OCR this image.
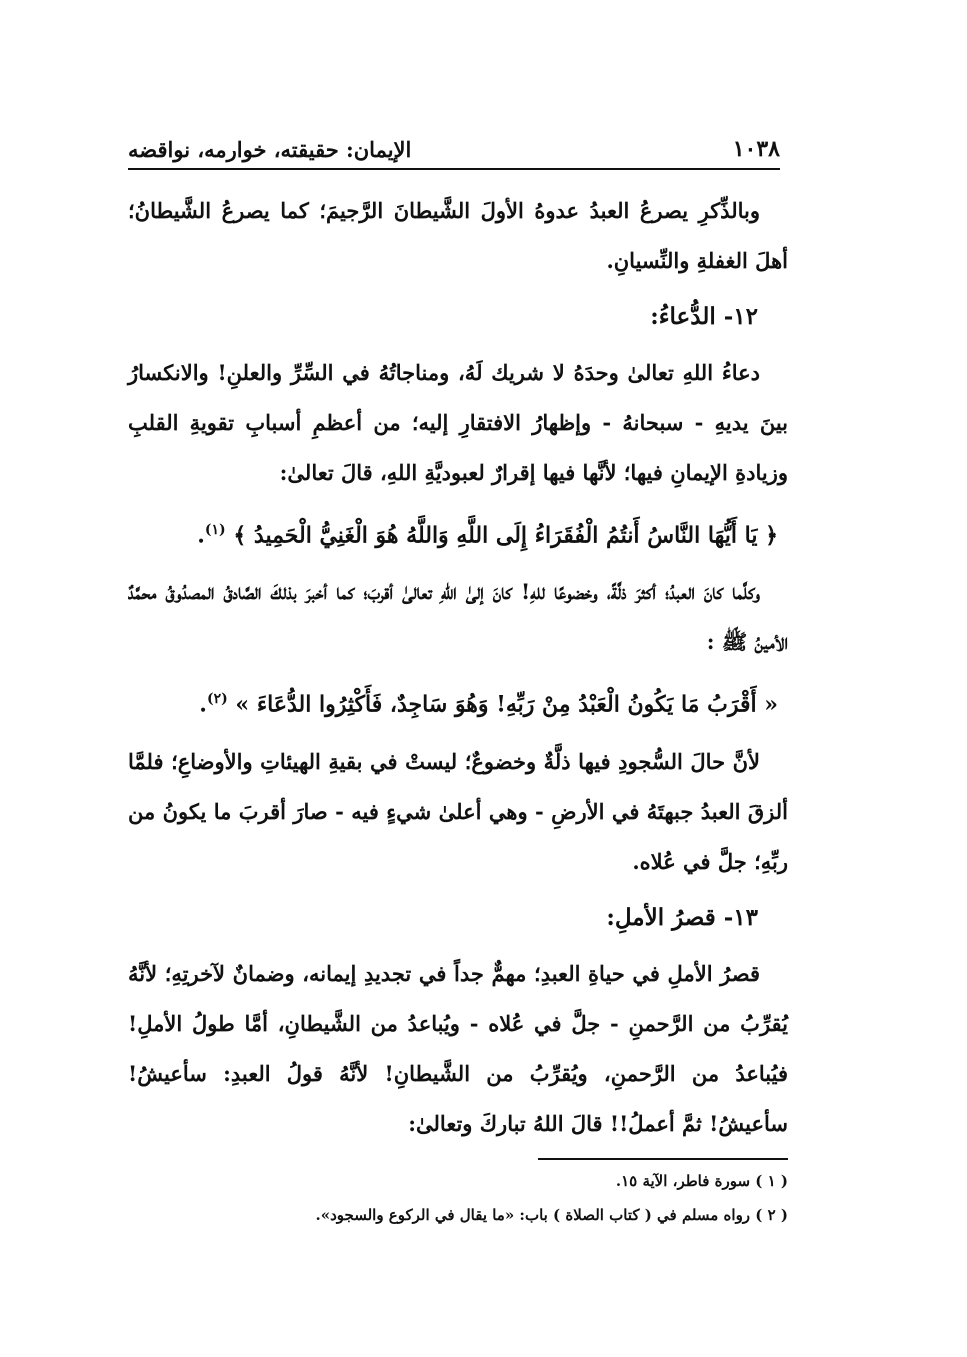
١٠٣٨
الإيمان: حقيقته، خوارمه، نواقضه

وبالذِّكرِ يصرعُ العبدُ عدوهُ الأولَ الشَّيطانَ الرَّجيمَ؛ كما يصرعُ الشَّيطانُ؛ أهلَ الغفلةِ والنِّسيانِ.

١٢- الدُّعاءُ:

دعاءُ اللهِ تعالىٰ وحدَهُ لا شريك لَهُ، ومناجاتُهُ في السِّرِّ والعلنِ! والانكسارُ بينَ يديهِ - سبحانهُ - وإظهارُ الافتقارِ إليه؛ من أعظمِ أسبابِ تقويةِ القلبِ وزيادةِ الإيمانِ فيها؛ لأنَّها فيها إقرارٌ لعبوديَّةِ اللهِ، قالَ تعالىٰ:

﴿ يَا أَيُّهَا النَّاسُ أَنتُمُ الْفُقَرَاءُ إِلَى اللَّهِ وَاللَّهُ هُوَ الْغَنِيُّ الْحَمِيدُ ﴾ $^{(١)}$.

وكلَّما كانَ العبدُ؛ أكثرَ ذلَّةً، وخضوعًا للهِ! كانَ إلىٰ اللهِ تعالىٰ أقربَ؛ كما أخبرَ بذلكَ الصَّادقُ المصدُوقُ محمَّدٌ الأمينُ ﷺ :

« أَقْرَبُ مَا يَكُونُ الْعَبْدُ مِنْ رَبِّهِ! وَهُوَ سَاجِدٌ، فَأَكْثِرُوا الدُّعَاءَ » $^{(٢)}$.

لأنَّ حالَ السُّجودِ فيها ذلَّةٌ وخضوعٌ؛ ليستْ في بقيةِ الهيئاتِ والأوضاعِ؛ فلمَّا ألزقَ العبدُ جبهتَهُ في الأرضِ - وهي أعلىٰ شيءٍ فيه - صارَ أقربَ ما يكونُ من ربِّهِ؛ جلَّ في عُلاه.

١٣- قصرُ الأملِ:

قصرُ الأملِ في حياةِ العبدِ؛ مهمٌّ جداً في تجديدِ إيمانه، وضمانٌ لآخرتِهِ؛ لأنَّهُ يُقرِّبُ من الرَّحمنِ - جلَّ في عُلاه - ويُباعدُ من الشَّيطانِ، أمَّا طولُ الأملِ! فيُباعدُ من الرَّحمنِ، ويُقرِّبُ من الشَّيطانِ! لأنَّهُ قولُ العبدِ: سأعيشُ! سأعيشُ! ثمَّ أعملُ!! قالَ اللهُ تباركَ وتعالىٰ:

( ١ ) سورة فاطر، الآية ١٥.
( ٢ ) رواه مسلم في ( كتاب الصلاة ) باب: «ما يقال في الركوع والسجود».
